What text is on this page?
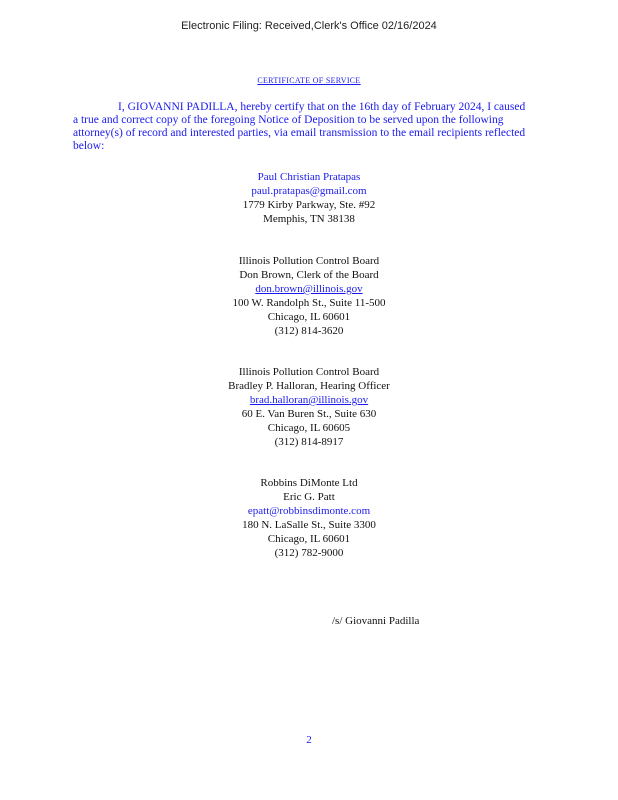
Electronic Filing: Received,Clerk's Office 02/16/2024
CERTIFICATE OF SERVICE
I, GIOVANNI PADILLA, hereby certify that on the 16th day of February 2024, I caused
a true and correct copy of the foregoing Notice of Deposition to be served upon the following
attorney(s) of record and interested parties, via email transmission to the email recipients reflected
below:
Paul Christian Pratapas
paul.pratapas@gmail.com
1779 Kirby Parkway, Ste. #92
Memphis, TN 38138
Illinois Pollution Control Board
Don Brown, Clerk of the Board
don.brown@illinois.gov
100 W. Randolph St., Suite 11-500
Chicago, IL 60601
(312) 814-3620
Illinois Pollution Control Board
Bradley P. Halloran, Hearing Officer
brad.halloran@illinois.gov
60 E. Van Buren St., Suite 630
Chicago, IL 60605
(312) 814-8917
Robbins DiMonte Ltd
Eric G. Patt
epatt@robbinsdimonte.com
180 N. LaSalle St., Suite 3300
Chicago, IL 60601
(312) 782-9000
/s/ Giovanni Padilla
2
